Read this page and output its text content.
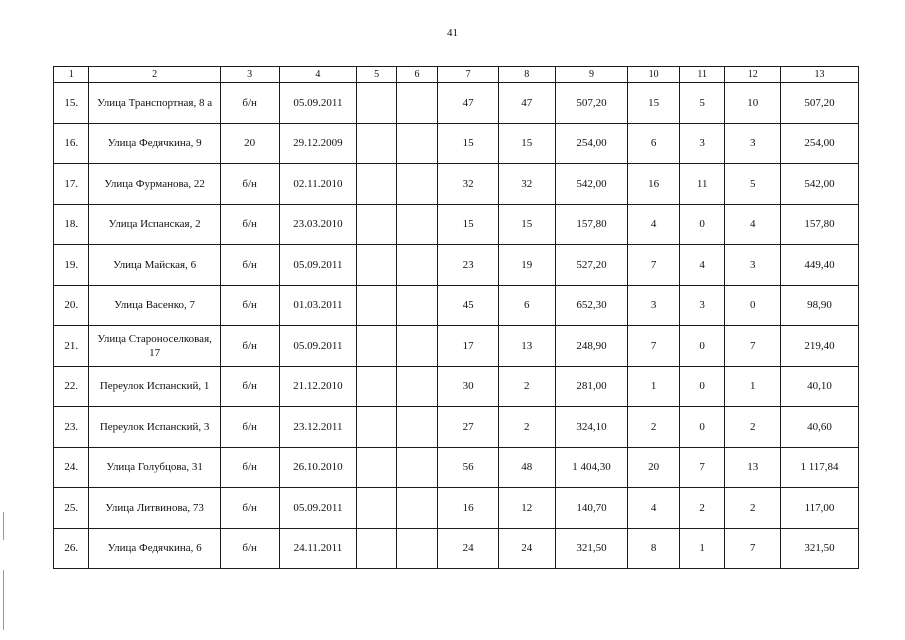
41
1	2	3	4	5	6	7	8	9	10	11	12	13
15.	Улица Транспортная, 8 а	б/н	05.09.2011			47	47	507,20	15	5	10	507,20
16.	Улица Федячкина, 9	20	29.12.2009			15	15	254,00	6	3	3	254,00
17.	Улица Фурманова, 22	б/н	02.11.2010			32	32	542,00	16	11	5	542,00
18.	Улица Испанская, 2	б/н	23.03.2010			15	15	157,80	4	0	4	157,80
19.	Улица Майская, 6	б/н	05.09.2011			23	19	527,20	7	4	3	449,40
20.	Улица Васенко, 7	б/н	01.03.2011			45	6	652,30	3	3	0	98,90
21.	Улица Староноселковая, 17	б/н	05.09.2011			17	13	248,90	7	0	7	219,40
22.	Переулок Испанский, 1	б/н	21.12.2010			30	2	281,00	1	0	1	40,10
23.	Переулок Испанский, 3	б/н	23.12.2011			27	2	324,10	2	0	2	40,60
24.	Улица Голубцова, 31	б/н	26.10.2010			56	48	1 404,30	20	7	13	1 117,84
25.	Улица Литвинова, 73	б/н	05.09.2011			16	12	140,70	4	2	2	117,00
26.	Улица Федячкина, 6	б/н	24.11.2011			24	24	321,50	8	1	7	321,50
